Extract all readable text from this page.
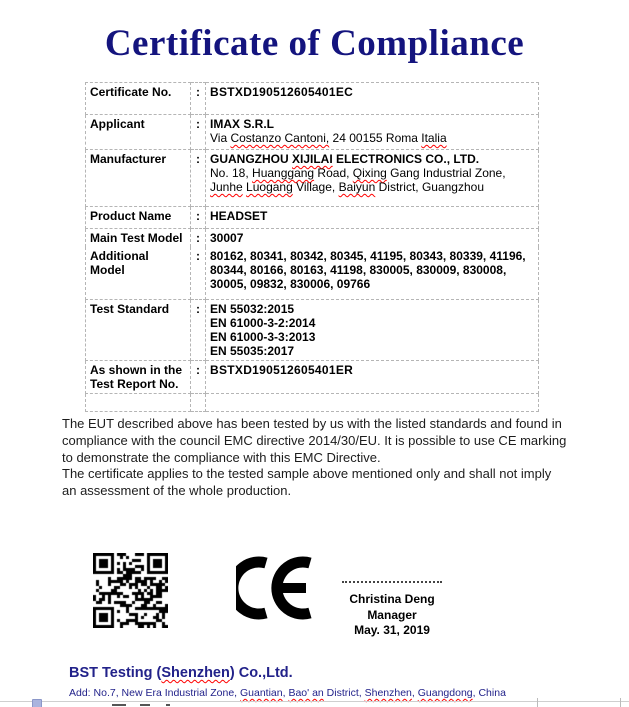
Certificate of Compliance
Certificate No.	:	BSTXD190512605401EC
Applicant	:	IMAX S.R.L
Via Costanzo Cantoni, 24 00155 Roma Italia

Manufacturer	:	GUANGZHOU XIJILAI ELECTRONICS CO., LTD.
No. 18, Huanggang Road, Qixing Gang Industrial Zone, Junhe Luogang Village, Baiyun District, Guangzhou

Product Name	:	HEADSET
Main Test Model	:	30007
Additional Model	:	80162, 80341, 80342, 80345, 41195, 80343, 80339, 41196, 80344, 80166, 80163, 41198, 830005, 830009, 830008, 30005, 09832, 830006, 09766
Test Standard	:	EN 55032:2015
EN 61000-3-2:2014
EN 61000-3-3:2013
EN 55035:2017

As shown in the Test Report No.	:	BSTXD190512605401ER

The EUT described above has been tested by us with the listed standards and found in compliance with the council EMC directive 2014/30/EU. It is possible to use CE marking to demonstrate the compliance with this EMC Directive.
The certificate applies to the tested sample above mentioned only and shall not imply an assessment of the whole production.
Christina Deng
Manager
May. 31, 2019
BST Testing (Shenzhen) Co.,Ltd.
Add: No.7, New Era Industrial Zone, Guantian, Bao' an District, Shenzhen, Guangdong, China
